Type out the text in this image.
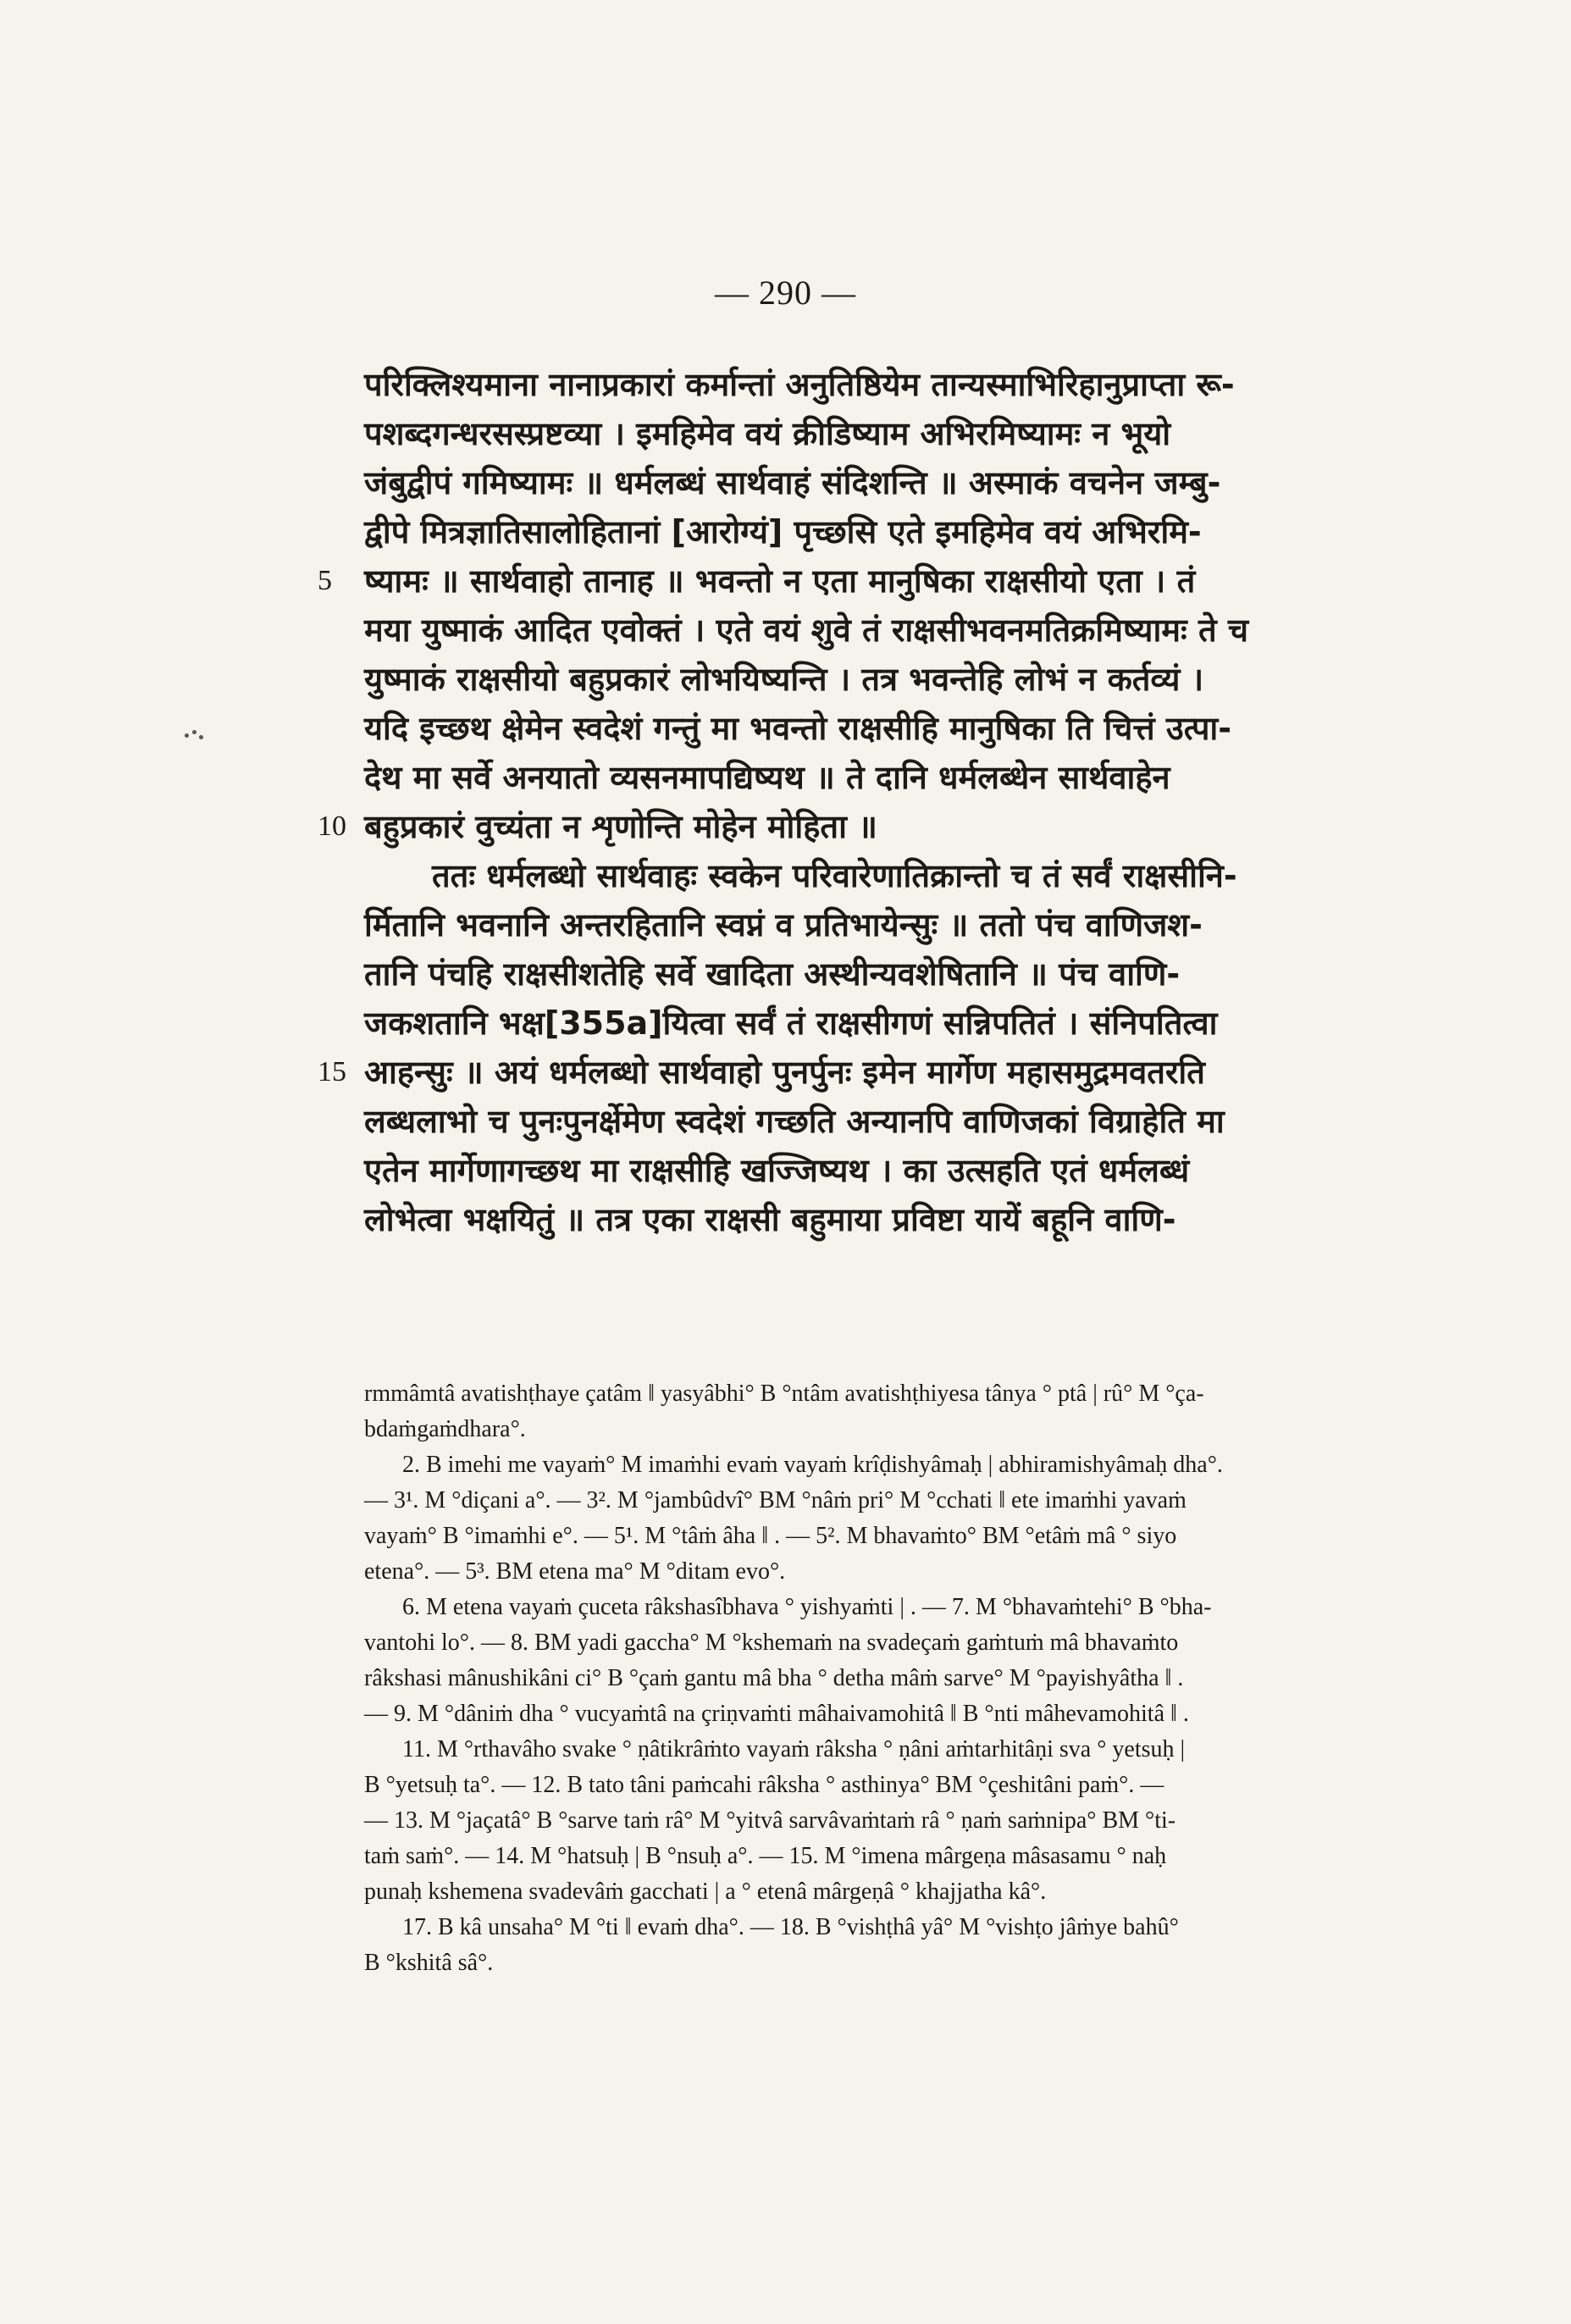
— 290 —
परिक्लिश्यमाना नानाप्रकारां कर्मान्तां अनुतिष्ठियेम तान्यस्माभिरिहानुप्राप्ता रू-
पशब्दगन्धरसस्प्रष्टव्या । इमहिमेव वयं क्रीडिष्याम अभिरमिष्यामः न भूयो
जंबुद्वीपं गमिष्यामः ॥ धर्मलब्धं सार्थवाहं संदिशन्ति ॥ अस्माकं वचनेन जम्बु-
द्वीपे मित्रज्ञातिसालोहितानां [आरोग्यं] पृच्छसि एते इमहिमेव वयं अभिरमि-
5	ष्यामः ॥ सार्थवाहो तानाह ॥ भवन्तो न एता मानुषिका राक्षसीयो एता । तं
मया युष्माकं आदित एवोक्तं । एते वयं शुवे तं राक्षसीभवनमतिक्रमिष्यामः ते च
युष्माकं राक्षसीयो बहुप्रकारं लोभयिष्यन्ति । तत्र भवन्तेहि लोभं न कर्तव्यं ।
यदि इच्छथ क्षेमेन स्वदेशं गन्तुं मा भवन्तो राक्षसीहि मानुषिका ति चित्तं उत्पा-
देथ मा सर्वे अनयातो व्यसनमापद्यिष्यथ ॥ ते दानि धर्मलब्धेन सार्थवाहेन
10 बहुप्रकारं वुच्यंता न शृणोन्ति मोहेन मोहिता ॥
ततः धर्मलब्धो सार्थवाहः स्वकेन परिवारेणातिक्रान्तो च तं सर्वं राक्षसीनि-
र्मितानि भवनानि अन्तरहितानि स्वप्नं व प्रतिभायेन्सुः ॥ ततो पंच वाणिजश-
तानि पंचहि राक्षसीशतेहि सर्वे खादिता अस्थीन्यवशेषितानि ॥ पंच वाणि-
जकशतानि भक्ष[355a]यित्वा सर्वं तं राक्षसीगणं सन्निपतितं । संनिपतित्वा
15 आहन्सुः ॥ अयं धर्मलब्धो सार्थवाहो पुनर्पुनः इमेन मार्गेण महासमुद्रमवतरति
लब्धलाभो च पुनःपुनर्क्षेमेण स्वदेशं गच्छति अन्यानपि वाणिजकां विग्राहेति मा
एतेन मार्गेणागच्छथ मा राक्षसीहि खज्जिष्यथ । का उत्सहति एतं धर्मलब्धं
लोभेत्वा भक्षयितुं ॥ तत्र एका राक्षसी बहुमाया प्रविष्टा यायें बहूनि वाणि-
rmmâmtâ avatishṭhaye çatâm ‖ yasyâbhi° B °ntâm avatishṭhiyesa tânya ° ptâ | rû° M °ça-
bdaṁgaṁdhara°.
2. B imehi me vayaṁ° M imaṁhi evaṁ vayaṁ krîḍishyâmaḥ | abhiramishyâmaḥ dha°.
— 3¹. M °diçani a°. — 3². M °jambûdvî° BM °nâṁ pri° M °cchati ‖ ete imaṁhi yavaṁ
vayaṁ° B °imaṁhi e°. — 5¹. M °tâṁ âha ‖ . — 5². M bhavaṁto° BM °etâṁ mâ ° siyo
etena°. — 5³. BM etena ma° M °ditam evo°.
6. M etena vayaṁ çuceta râkshasîbhava ° yishyaṁti | . — 7. M °bhavaṁtehi° B °bha-
vantohi lo°. — 8. BM yadi gaccha° M °kshemaṁ na svadeçaṁ gaṁtuṁ mâ bhavaṁto
râkshasi mânushikâni ci° B °çaṁ gantu mâ bha ° detha mâṁ sarve° M °payishyâtha ‖ .
— 9. M °dâniṁ dha ° vucyaṁtâ na çriṇvaṁti mâhaivamohitâ ‖ B °nti mâhevamohitâ ‖ .
11. M °rthavâho svake ° ṇâtikrâṁto vayaṁ râksha ° ṇâni aṁtarhitâṇi sva ° yetsuḥ |
B °yetsuḥ ta°. — 12. B tato tâni paṁcahi râksha ° asthinya° BM °çeshitâni paṁ°. —
— 13. M °jaçatâ° B °sarve taṁ râ° M °yitvâ sarvâvaṁtaṁ râ ° ṇaṁ saṁnipa° BM °ti-
taṁ saṁ°. — 14. M °hatsuḥ | B °nsuḥ a°. — 15. M °imena mârgeṇa mâsasamu ° naḥ
punaḥ kshemena svadevâṁ gacchati | a ° etenâ mârgeṇâ ° khajjatha kâ°.
17. B kâ unsaha° M °ti ‖ evaṁ dha°. — 18. B °vishṭhâ yâ° M °vishṭo jâṁye bahû°
B °kshitâ sâ°.
